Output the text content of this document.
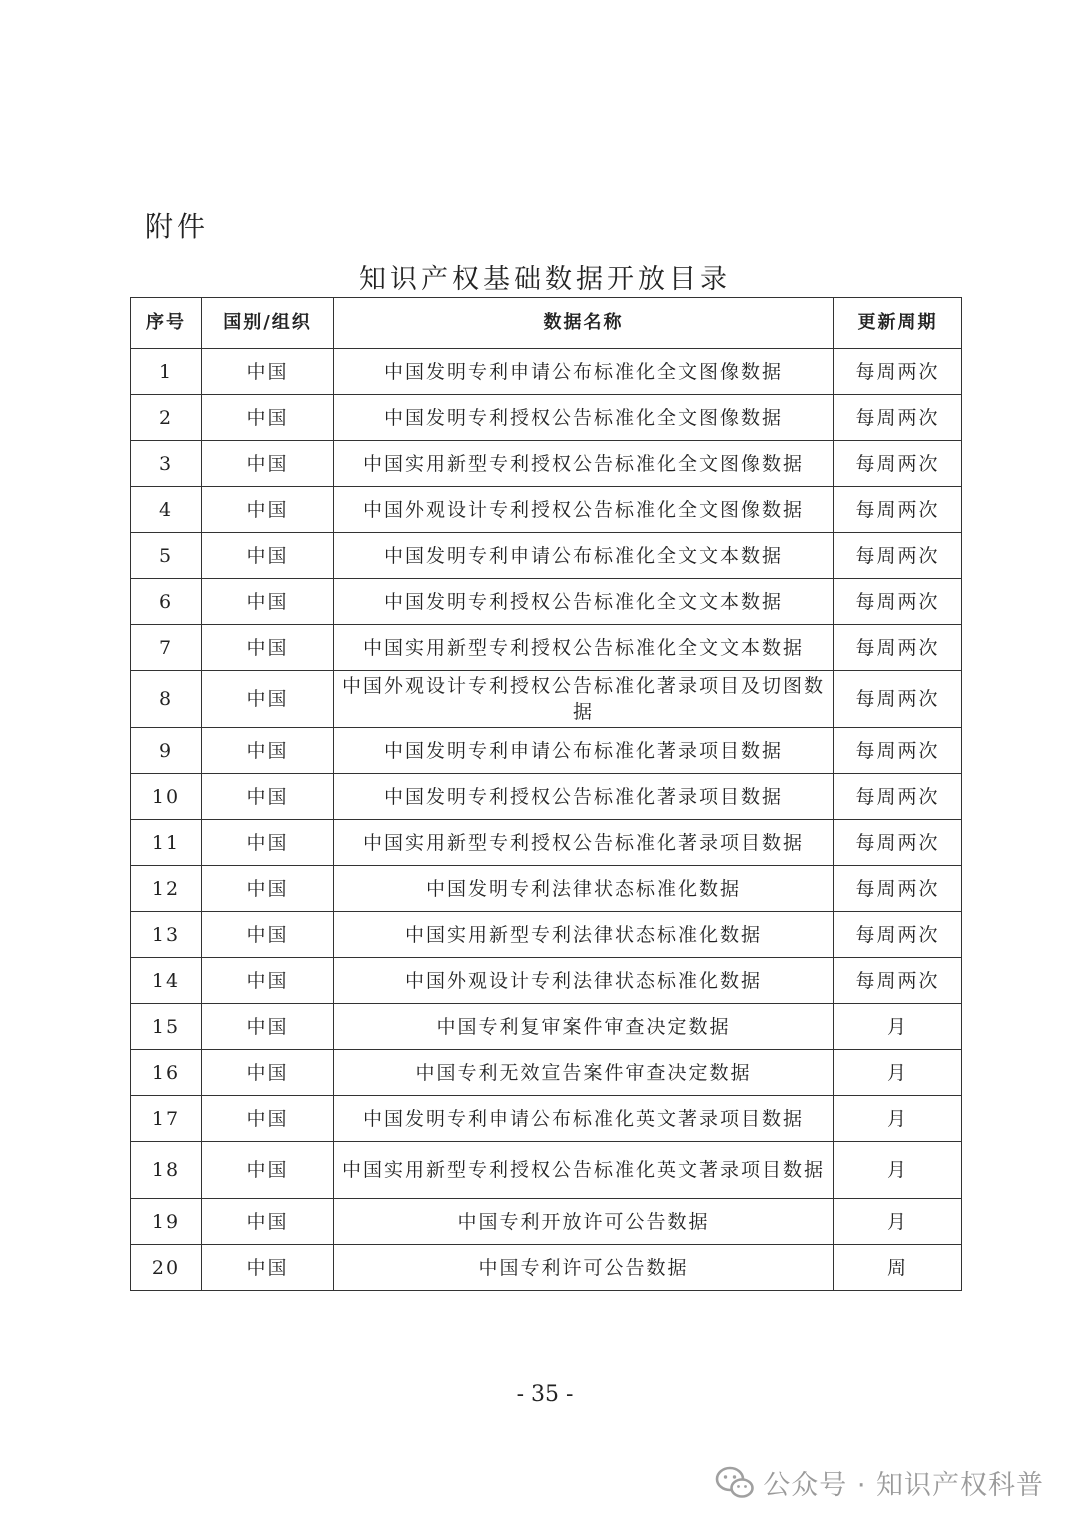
附件
知识产权基础数据开放目录
序号	国别/组织	数据名称	更新周期
1	中国	中国发明专利申请公布标准化全文图像数据	每周两次
2	中国	中国发明专利授权公告标准化全文图像数据	每周两次
3	中国	中国实用新型专利授权公告标准化全文图像数据	每周两次
4	中国	中国外观设计专利授权公告标准化全文图像数据	每周两次
5	中国	中国发明专利申请公布标准化全文文本数据	每周两次
6	中国	中国发明专利授权公告标准化全文文本数据	每周两次
7	中国	中国实用新型专利授权公告标准化全文文本数据	每周两次
8	中国	中国外观设计专利授权公告标准化著录项目及切图数据	每周两次
9	中国	中国发明专利申请公布标准化著录项目数据	每周两次
10	中国	中国发明专利授权公告标准化著录项目数据	每周两次
11	中国	中国实用新型专利授权公告标准化著录项目数据	每周两次
12	中国	中国发明专利法律状态标准化数据	每周两次
13	中国	中国实用新型专利法律状态标准化数据	每周两次
14	中国	中国外观设计专利法律状态标准化数据	每周两次
15	中国	中国专利复审案件审查决定数据	月
16	中国	中国专利无效宣告案件审查决定数据	月
17	中国	中国发明专利申请公布标准化英文著录项目数据	月
18	中国	中国实用新型专利授权公告标准化英文著录项目数据	月
19	中国	中国专利开放许可公告数据	月
20	中国	中国专利许可公告数据	周
- 35 -
公众号 · 知识产权科普
